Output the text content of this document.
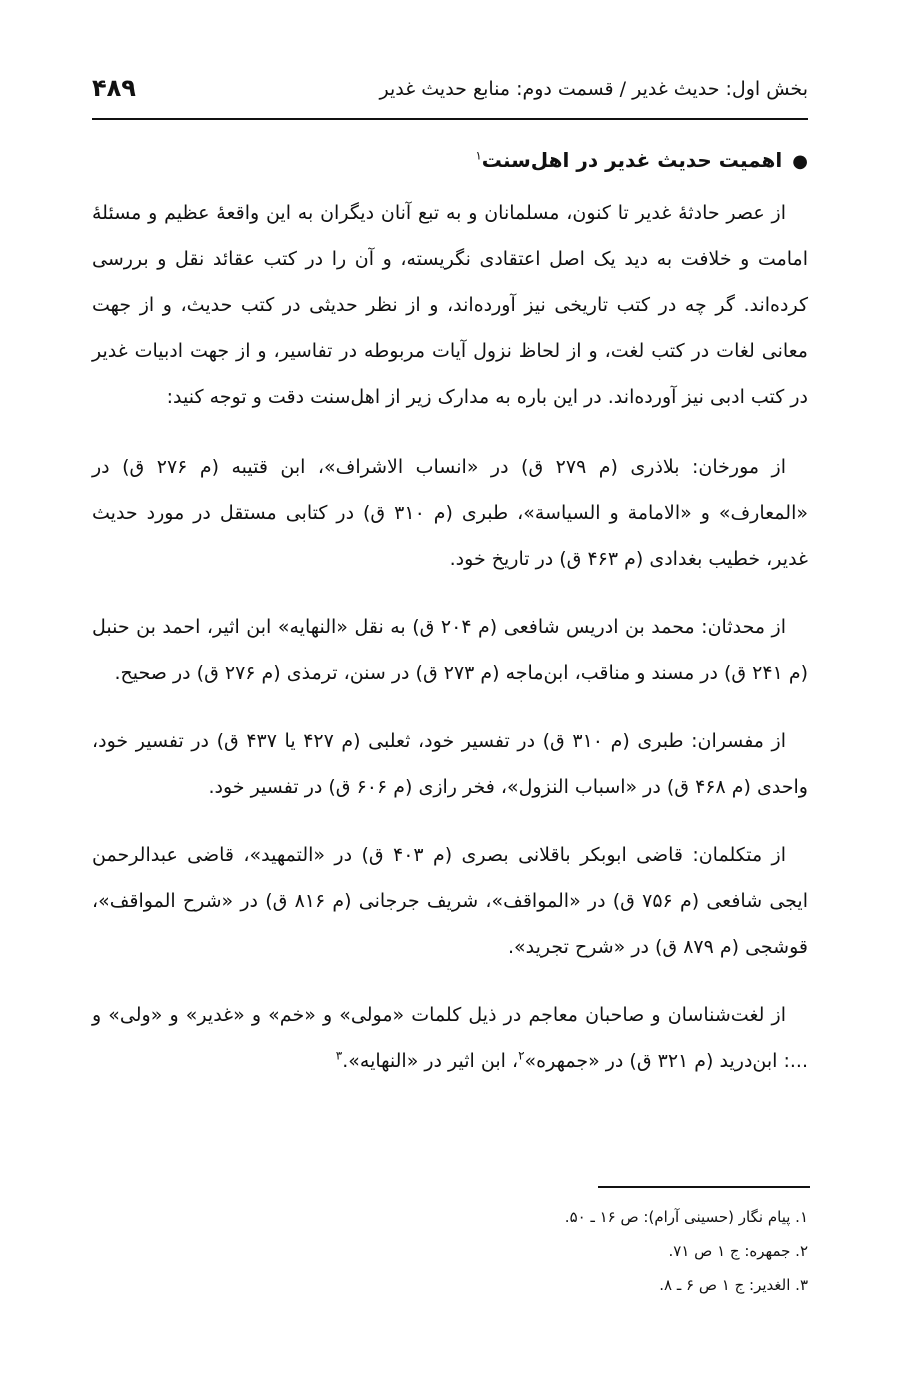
بخش اول: حدیث غدیر / قسمت دوم: منابع حدیث غدیر
۴۸۹
●اهمیت حدیث غدیر در اهل‌سنت$^۱$

از عصر حادثهٔ غدیر تا کنون، مسلمانان و به تبع آنان دیگران به این واقعهٔ عظیم و مسئلهٔ امامت و خلافت به دید یک اصل اعتقادی نگریسته، و آن را در کتب عقائد نقل و بررسی کرده‌اند. گر چه در کتب تاریخی نیز آورده‌اند، و از نظر حدیثی در کتب حدیث، و از جهت معانی لغات در کتب لغت، و از لحاظ نزول آیات مربوطه در تفاسیر، و از جهت ادبیات غدیر در کتب ادبی نیز آورده‌اند. در این باره به مدارک زیر از اهل‌سنت دقت و توجه کنید:

از مورخان: بلاذری (م ۲۷۹ ق) در «انساب الاشراف»، ابن قتیبه (م ۲۷۶ ق) در «المعارف» و «الامامة و السیاسة»، طبری (م ۳۱۰ ق) در کتابی مستقل در مورد حدیث غدیر، خطیب بغدادی (م ۴۶۳ ق) در تاریخ خود.

از محدثان: محمد بن ادریس شافعی (م ۲۰۴ ق) به نقل «النهایه» ابن اثیر، احمد بن حنبل (م ۲۴۱ ق) در مسند و مناقب، ابن‌ماجه (م ۲۷۳ ق) در سنن، ترمذی (م ۲۷۶ ق) در صحیح.

از مفسران: طبری (م ۳۱۰ ق) در تفسیر خود، ثعلبی (م ۴۲۷ یا ۴۳۷ ق) در تفسیر خود، واحدی (م ۴۶۸ ق) در «اسباب النزول»، فخر رازی (م ۶۰۶ ق) در تفسیر خود.

از متکلمان: قاضی ابوبکر باقلانی بصری (م ۴۰۳ ق) در «التمهید»، قاضی عبدالرحمن ایجی شافعی (م ۷۵۶ ق) در «المواقف»، شریف جرجانی (م ۸۱۶ ق) در «شرح المواقف»، قوشجی (م ۸۷۹ ق) در «شرح تجرید».

از لغت‌شناسان و صاحبان معاجم در ذیل کلمات «مولی» و «خم» و «غدیر» و «ولی» و ...: ابن‌درید (م ۳۲۱ ق) در «جمهره»$^۲$، ابن اثیر در «النهایه».$^۳$

۱. پیام نگار (حسینی آرام): ص ۱۶ ـ ۵۰.
۲. جمهره: ج ۱ ص ۷۱.
۳. الغدیر: ج ۱ ص ۶ ـ ۸.
